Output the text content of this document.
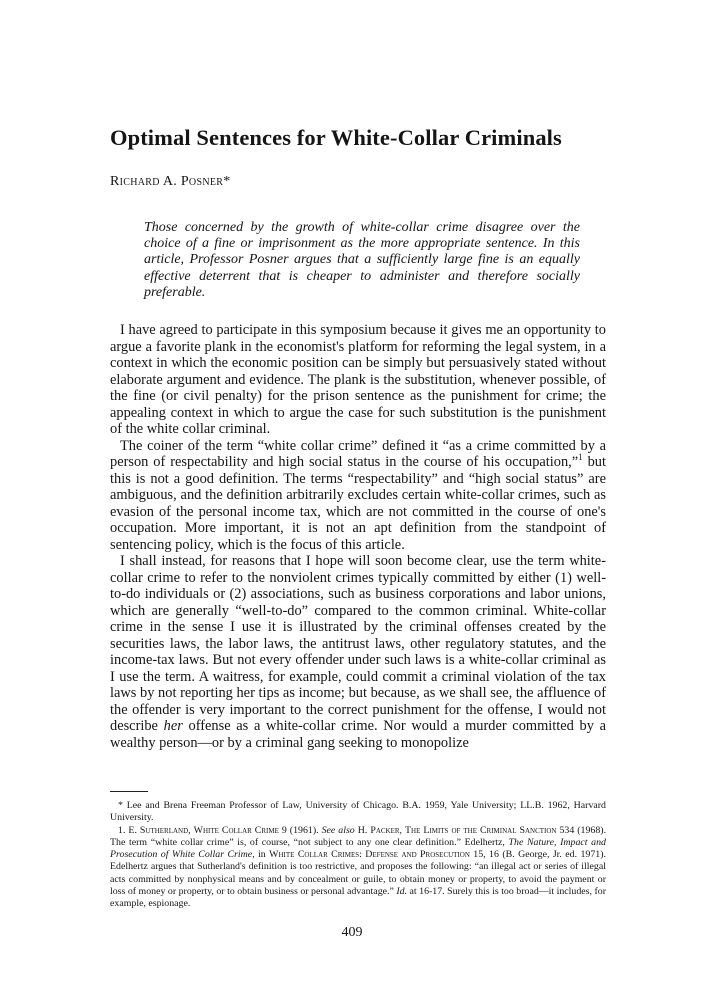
Optimal Sentences for White-Collar Criminals
Richard A. Posner*

Those concerned by the growth of white-collar crime disagree over the choice of a fine or imprisonment as the more appropriate sentence. In this article, Professor Posner argues that a sufficiently large fine is an equally effective deterrent that is cheaper to administer and therefore socially preferable.

I have agreed to participate in this symposium because it gives me an opportunity to argue a favorite plank in the economist's platform for reforming the legal system, in a context in which the economic position can be simply but persuasively stated without elaborate argument and evidence. The plank is the substitution, whenever possible, of the fine (or civil penalty) for the prison sentence as the punishment for crime; the appealing context in which to argue the case for such substitution is the punishment of the white collar criminal.

The coiner of the term “white collar crime” defined it “as a crime committed by a person of respectability and high social status in the course of his occupation,”$^1$ but this is not a good definition. The terms “respectability” and “high social status” are ambiguous, and the definition arbitrarily excludes certain white-collar crimes, such as evasion of the personal income tax, which are not committed in the course of one's occupation. More important, it is not an apt definition from the standpoint of sentencing policy, which is the focus of this article.

I shall instead, for reasons that I hope will soon become clear, use the term white-collar crime to refer to the nonviolent crimes typically committed by either (1) well-to-do individuals or (2) associations, such as business corporations and labor unions, which are generally “well-to-do” compared to the common criminal. White-collar crime in the sense I use it is illustrated by the criminal offenses created by the securities laws, the labor laws, the antitrust laws, other regulatory statutes, and the income-tax laws. But not every offender under such laws is a white-collar criminal as I use the term. A waitress, for example, could commit a criminal violation of the tax laws by not reporting her tips as income; but because, as we shall see, the affluence of the offender is very important to the correct punishment for the offense, I would not describe her offense as a white-collar crime. Nor would a murder committed by a wealthy person—or by a criminal gang seeking to monopolize

* Lee and Brena Freeman Professor of Law, University of Chicago. B.A. 1959, Yale University; LL.B. 1962, Harvard University.

1. E. Sutherland, White Collar Crime 9 (1961). See also H. Packer, The Limits of the Criminal Sanction 534 (1968). The term “white collar crime” is, of course, “not subject to any one clear definition.” Edelhertz, The Nature, Impact and Prosecution of White Collar Crime, in White Collar Crimes: Defense and Prosecution 15, 16 (B. George, Jr. ed. 1971). Edelhertz argues that Sutherland's definition is too restrictive, and proposes the following: “an illegal act or series of illegal acts committed by nonphysical means and by concealment or guile, to obtain money or property, to avoid the payment or loss of money or property, or to obtain business or personal advantage.” Id. at 16-17. Surely this is too broad—it includes, for example, espionage.

409
